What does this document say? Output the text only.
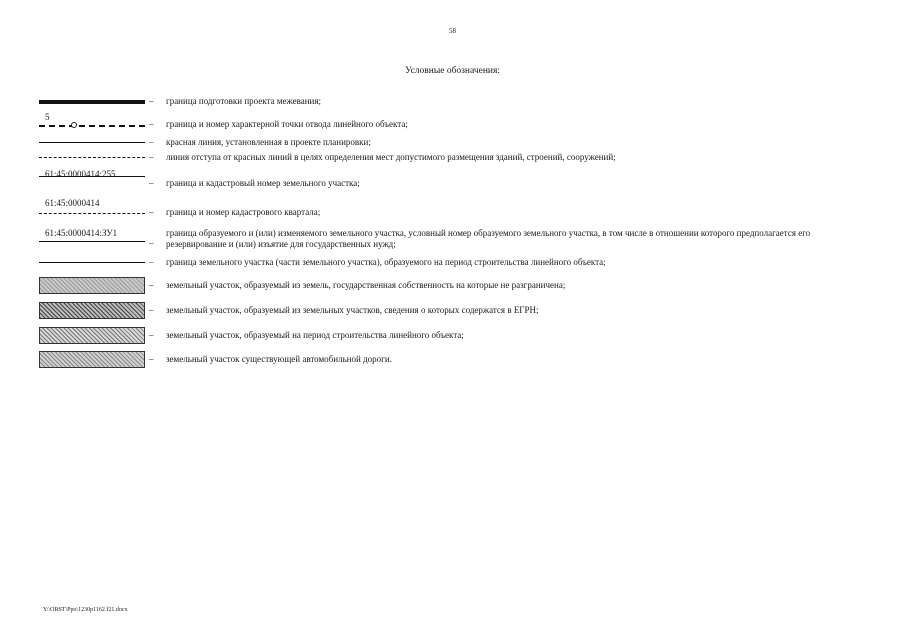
58
Условные обозначения:
– граница подготовки проекта межевания;
5
– граница и номер характерной точки отвода линейного объекта;
– красная линия, установленная в проекте планировки;
– линия отступа от красных линий в целях определения мест допустимого размещения зданий, строений, сооружений;
61:45:0000414:255
– граница и кадастровый номер земельного участка;
61:45:0000414
– граница и номер кадастрового квартала;
61:45:0000414:ЗУ1
–
граница образуемого и (или) изменяемого земельного участка, условный номер образуемого земельного участка, в том числе в отношении которого предполагается его резервирование и (или) изъятие для государственных нужд;
– граница земельного участка (части земельного участка), образуемого на период строительства линейного объекта;
– земельный участок, образуемый из земель, государственная собственность на которые не разграничена;
– земельный участок, образуемый из земельных участков, сведения о которых содержатся в ЕГРН;
– земельный участок, образуемый на период строительства линейного объекта;
– земельный участок существующей автомобильной дороги.
Y:\ORST\Ppo\1230p1162.f21.docx
